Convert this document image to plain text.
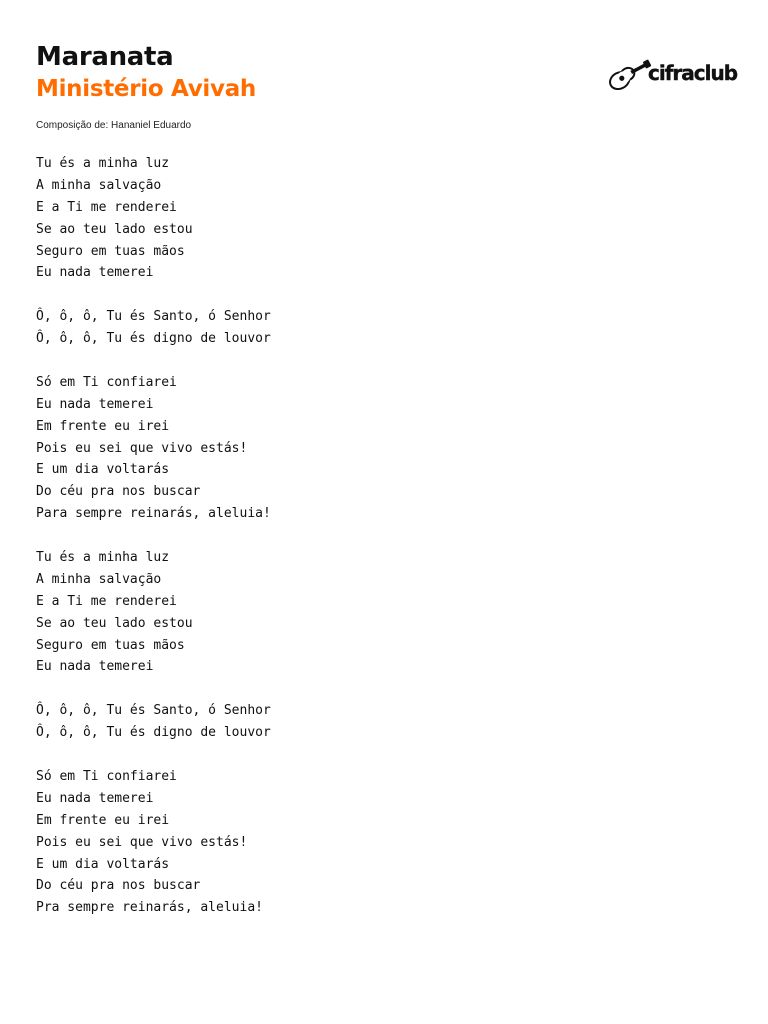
Maranata
Ministério Avivah
Composição de: Hananiel Eduardo
cifraclub
Tu és a minha luz
A minha salvação
E a Ti me renderei
Se ao teu lado estou
Seguro em tuas mãos
Eu nada temerei
Ô, ô, ô, Tu és Santo, ó Senhor
Ô, ô, ô, Tu és digno de louvor
Só em Ti confiarei
Eu nada temerei
Em frente eu irei
Pois eu sei que vivo estás!
E um dia voltarás
Do céu pra nos buscar
Para sempre reinarás, aleluia!
Tu és a minha luz
A minha salvação
E a Ti me renderei
Se ao teu lado estou
Seguro em tuas mãos
Eu nada temerei
Ô, ô, ô, Tu és Santo, ó Senhor
Ô, ô, ô, Tu és digno de louvor
Só em Ti confiarei
Eu nada temerei
Em frente eu irei
Pois eu sei que vivo estás!
E um dia voltarás
Do céu pra nos buscar
Pra sempre reinarás, aleluia!
